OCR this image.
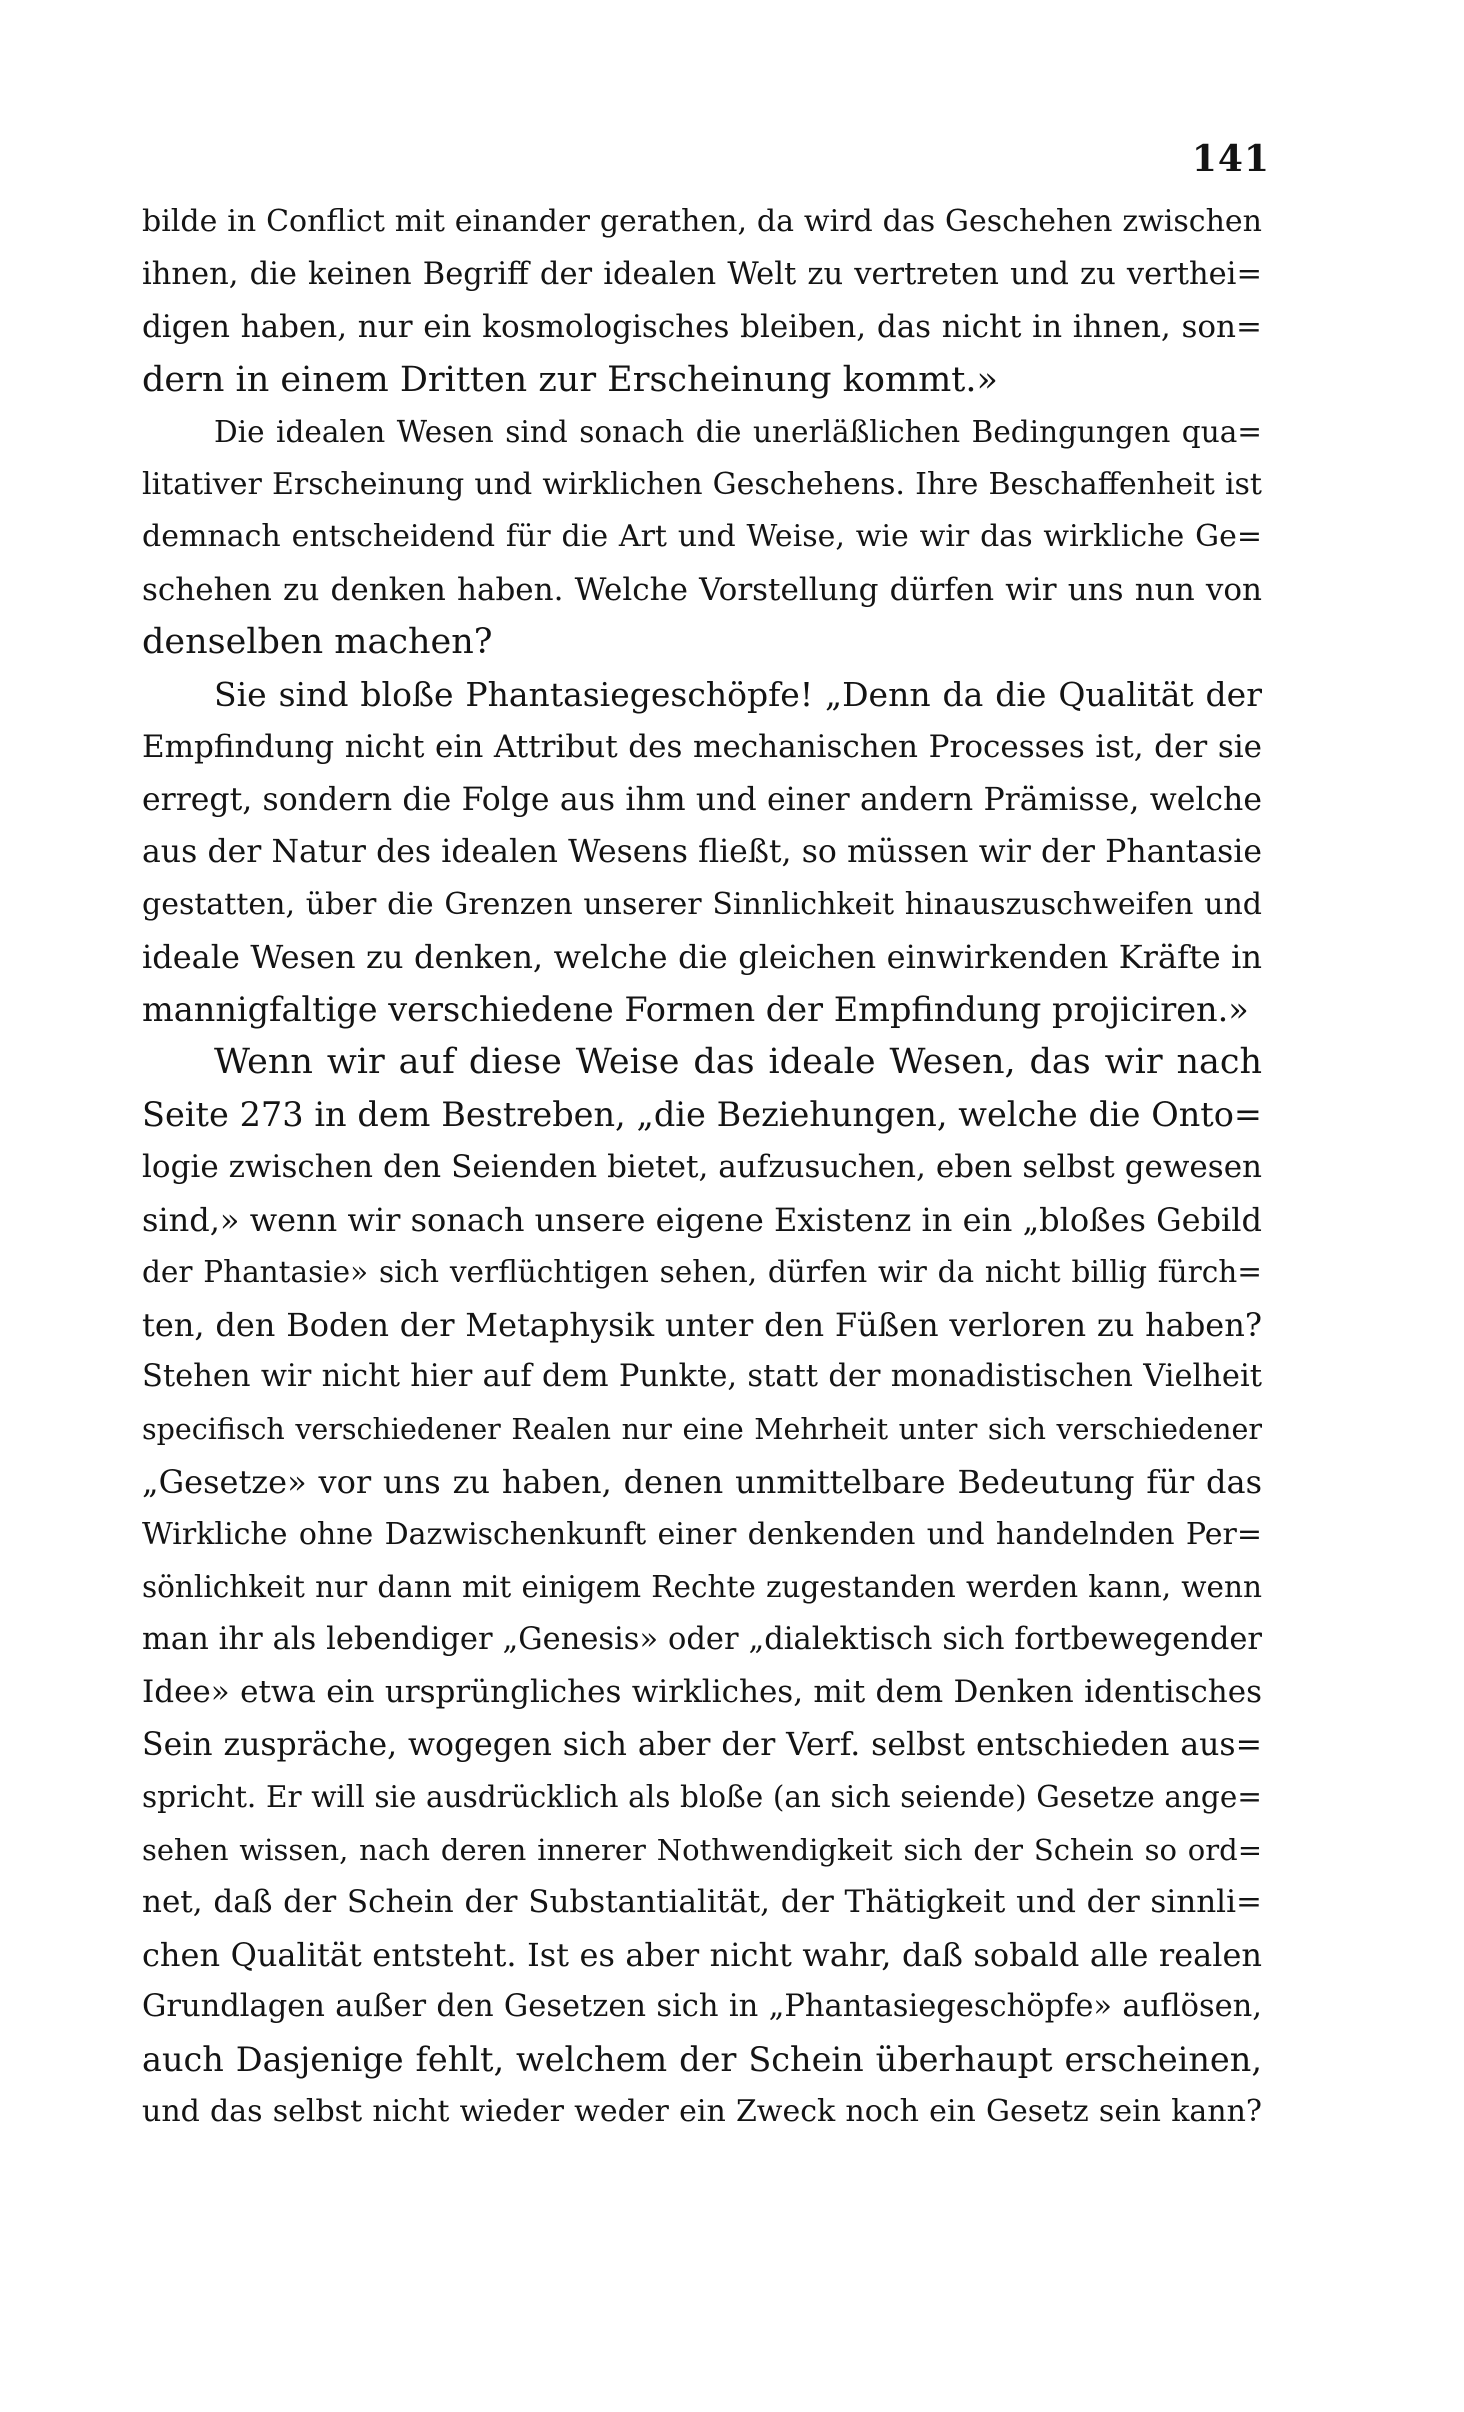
141
bilde in Conflict mit einander gerathen, da wird das Geschehen zwischen
ihnen, die keinen Begriff der idealen Welt zu vertreten und zu verthei=
digen haben, nur ein kosmologisches bleiben, das nicht in ihnen, son=
dern in einem Dritten zur Erscheinung kommt.»
Die idealen Wesen sind sonach die unerläßlichen Bedingungen qua=
litativer Erscheinung und wirklichen Geschehens. Ihre Beschaffenheit ist
demnach entscheidend für die Art und Weise, wie wir das wirkliche Ge=
schehen zu denken haben. Welche Vorstellung dürfen wir uns nun von
denselben machen?
Sie sind bloße Phantasiegeschöpfe! „Denn da die Qualität der
Empfindung nicht ein Attribut des mechanischen Processes ist, der sie
erregt, sondern die Folge aus ihm und einer andern Prämisse, welche
aus der Natur des idealen Wesens fließt, so müssen wir der Phantasie
gestatten, über die Grenzen unserer Sinnlichkeit hinauszuschweifen und
ideale Wesen zu denken, welche die gleichen einwirkenden Kräfte in
mannigfaltige verschiedene Formen der Empfindung projiciren.»
Wenn wir auf diese Weise das ideale Wesen, das wir nach
Seite 273 in dem Bestreben, „die Beziehungen, welche die Onto=
logie zwischen den Seienden bietet, aufzusuchen, eben selbst gewesen
sind,» wenn wir sonach unsere eigene Existenz in ein „bloßes Gebild
der Phantasie» sich verflüchtigen sehen, dürfen wir da nicht billig fürch=
ten, den Boden der Metaphysik unter den Füßen verloren zu haben?
Stehen wir nicht hier auf dem Punkte, statt der monadistischen Vielheit
specifisch verschiedener Realen nur eine Mehrheit unter sich verschiedener
„Gesetze» vor uns zu haben, denen unmittelbare Bedeutung für das
Wirkliche ohne Dazwischenkunft einer denkenden und handelnden Per=
sönlichkeit nur dann mit einigem Rechte zugestanden werden kann, wenn
man ihr als lebendiger „Genesis» oder „dialektisch sich fortbewegender
Idee» etwa ein ursprüngliches wirkliches, mit dem Denken identisches
Sein zuspräche, wogegen sich aber der Verf. selbst entschieden aus=
spricht. Er will sie ausdrücklich als bloße (an sich seiende) Gesetze ange=
sehen wissen, nach deren innerer Nothwendigkeit sich der Schein so ord=
net, daß der Schein der Substantialität, der Thätigkeit und der sinnli=
chen Qualität entsteht. Ist es aber nicht wahr, daß sobald alle realen
Grundlagen außer den Gesetzen sich in „Phantasiegeschöpfe» auflösen,
auch Dasjenige fehlt, welchem der Schein überhaupt erscheinen,
und das selbst nicht wieder weder ein Zweck noch ein Gesetz sein kann?
